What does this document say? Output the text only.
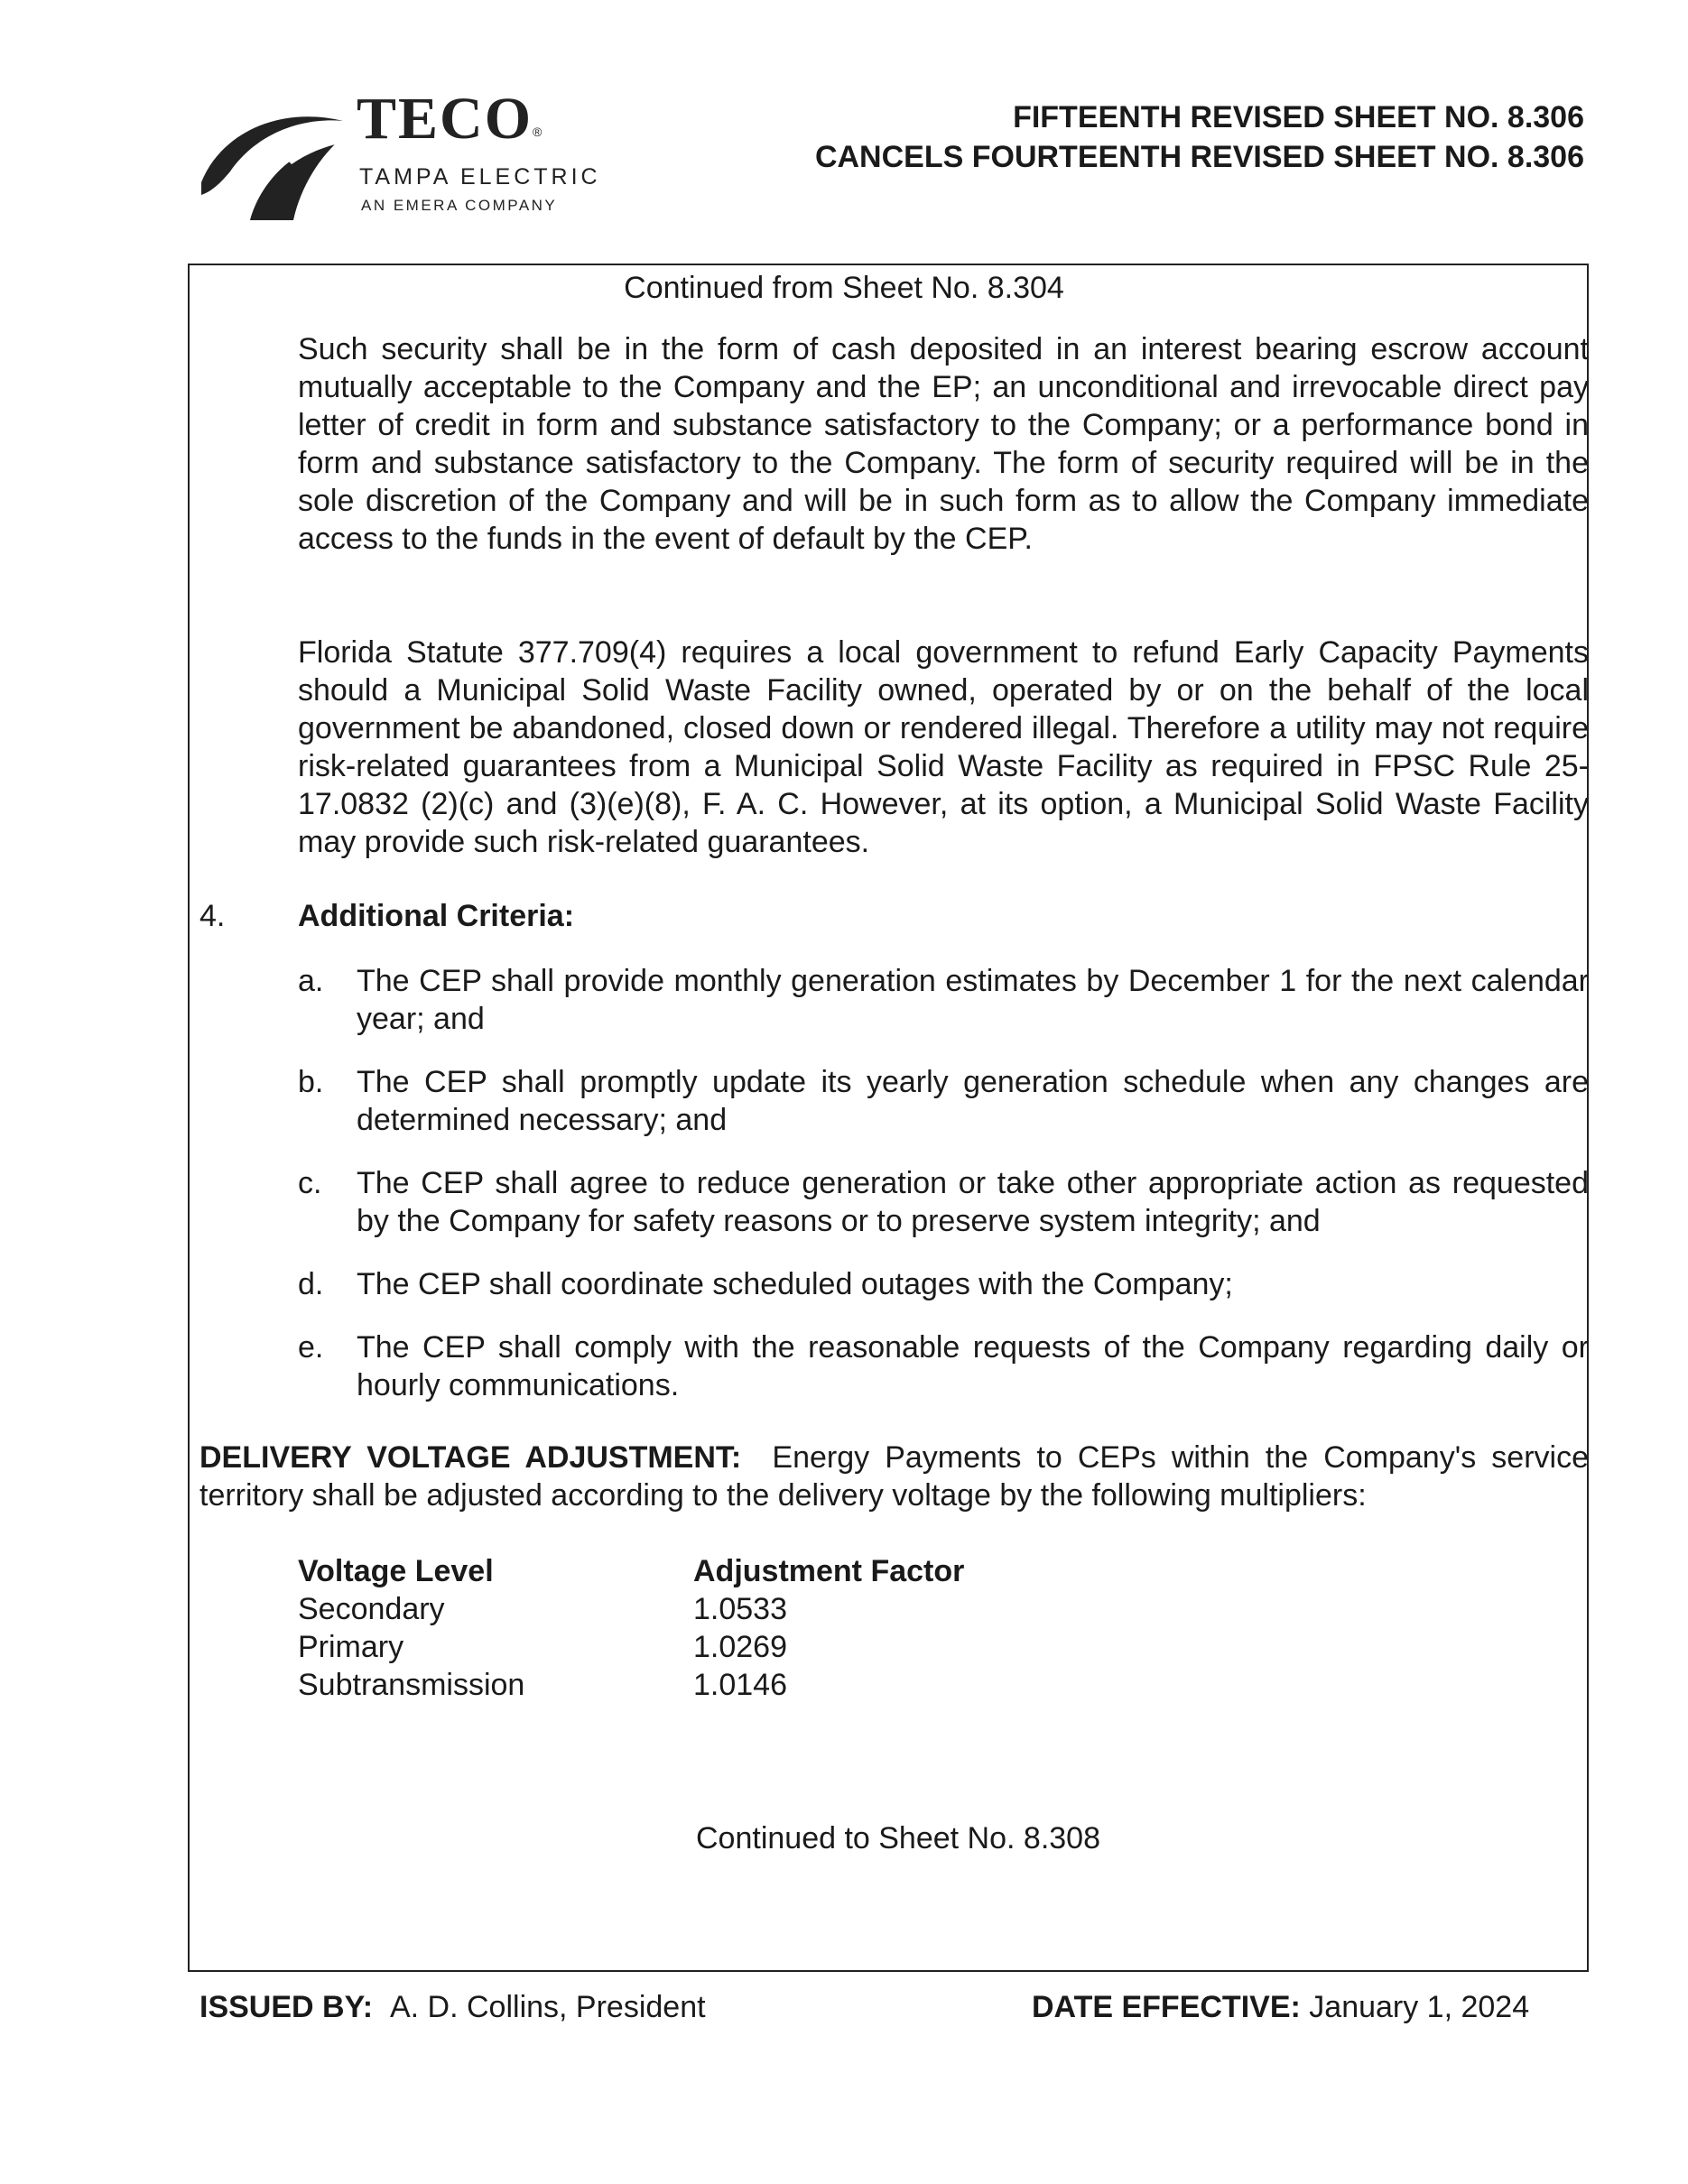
TECO®
TAMPA ELECTRIC
AN EMERA COMPANY
FIFTEENTH REVISED SHEET NO. 8.306
CANCELS FOURTEENTH REVISED SHEET NO. 8.306
Continued from Sheet No. 8.304
Such security shall be in the form of cash deposited in an interest bearing escrow account mutually acceptable to the Company and the EP; an unconditional and irrevocable direct pay letter of credit in form and substance satisfactory to the Company; or a performance bond in form and substance satisfactory to the Company. The form of security required will be in the sole discretion of the Company and will be in such form as to allow the Company immediate access to the funds in the event of default by the CEP.
Florida Statute 377.709(4) requires a local government to refund Early Capacity Payments should a Municipal Solid Waste Facility owned, operated by or on the behalf of the local government be abandoned, closed down or rendered illegal. Therefore a utility may not require risk-related guarantees from a Municipal Solid Waste Facility as required in FPSC Rule 25-17.0832 (2)(c) and (3)(e)(8), F. A. C. However, at its option, a Municipal Solid Waste Facility may provide such risk-related guarantees.
4. Additional Criteria:
a. The CEP shall provide monthly generation estimates by December 1 for the next calendar year; and
b. The CEP shall promptly update its yearly generation schedule when any changes are determined necessary; and
c. The CEP shall agree to reduce generation or take other appropriate action as requested by the Company for safety reasons or to preserve system integrity; and
d. The CEP shall coordinate scheduled outages with the Company;
e. The CEP shall comply with the reasonable requests of the Company regarding daily or hourly communications.
DELIVERY VOLTAGE ADJUSTMENT: Energy Payments to CEPs within the Company's service territory shall be adjusted according to the delivery voltage by the following multipliers:
Voltage Level	Adjustment Factor
Secondary	1.0533
Primary	1.0269
Subtransmission	1.0146
Continued to Sheet No. 8.308
ISSUED BY: A. D. Collins, President	DATE EFFECTIVE: January 1, 2024
